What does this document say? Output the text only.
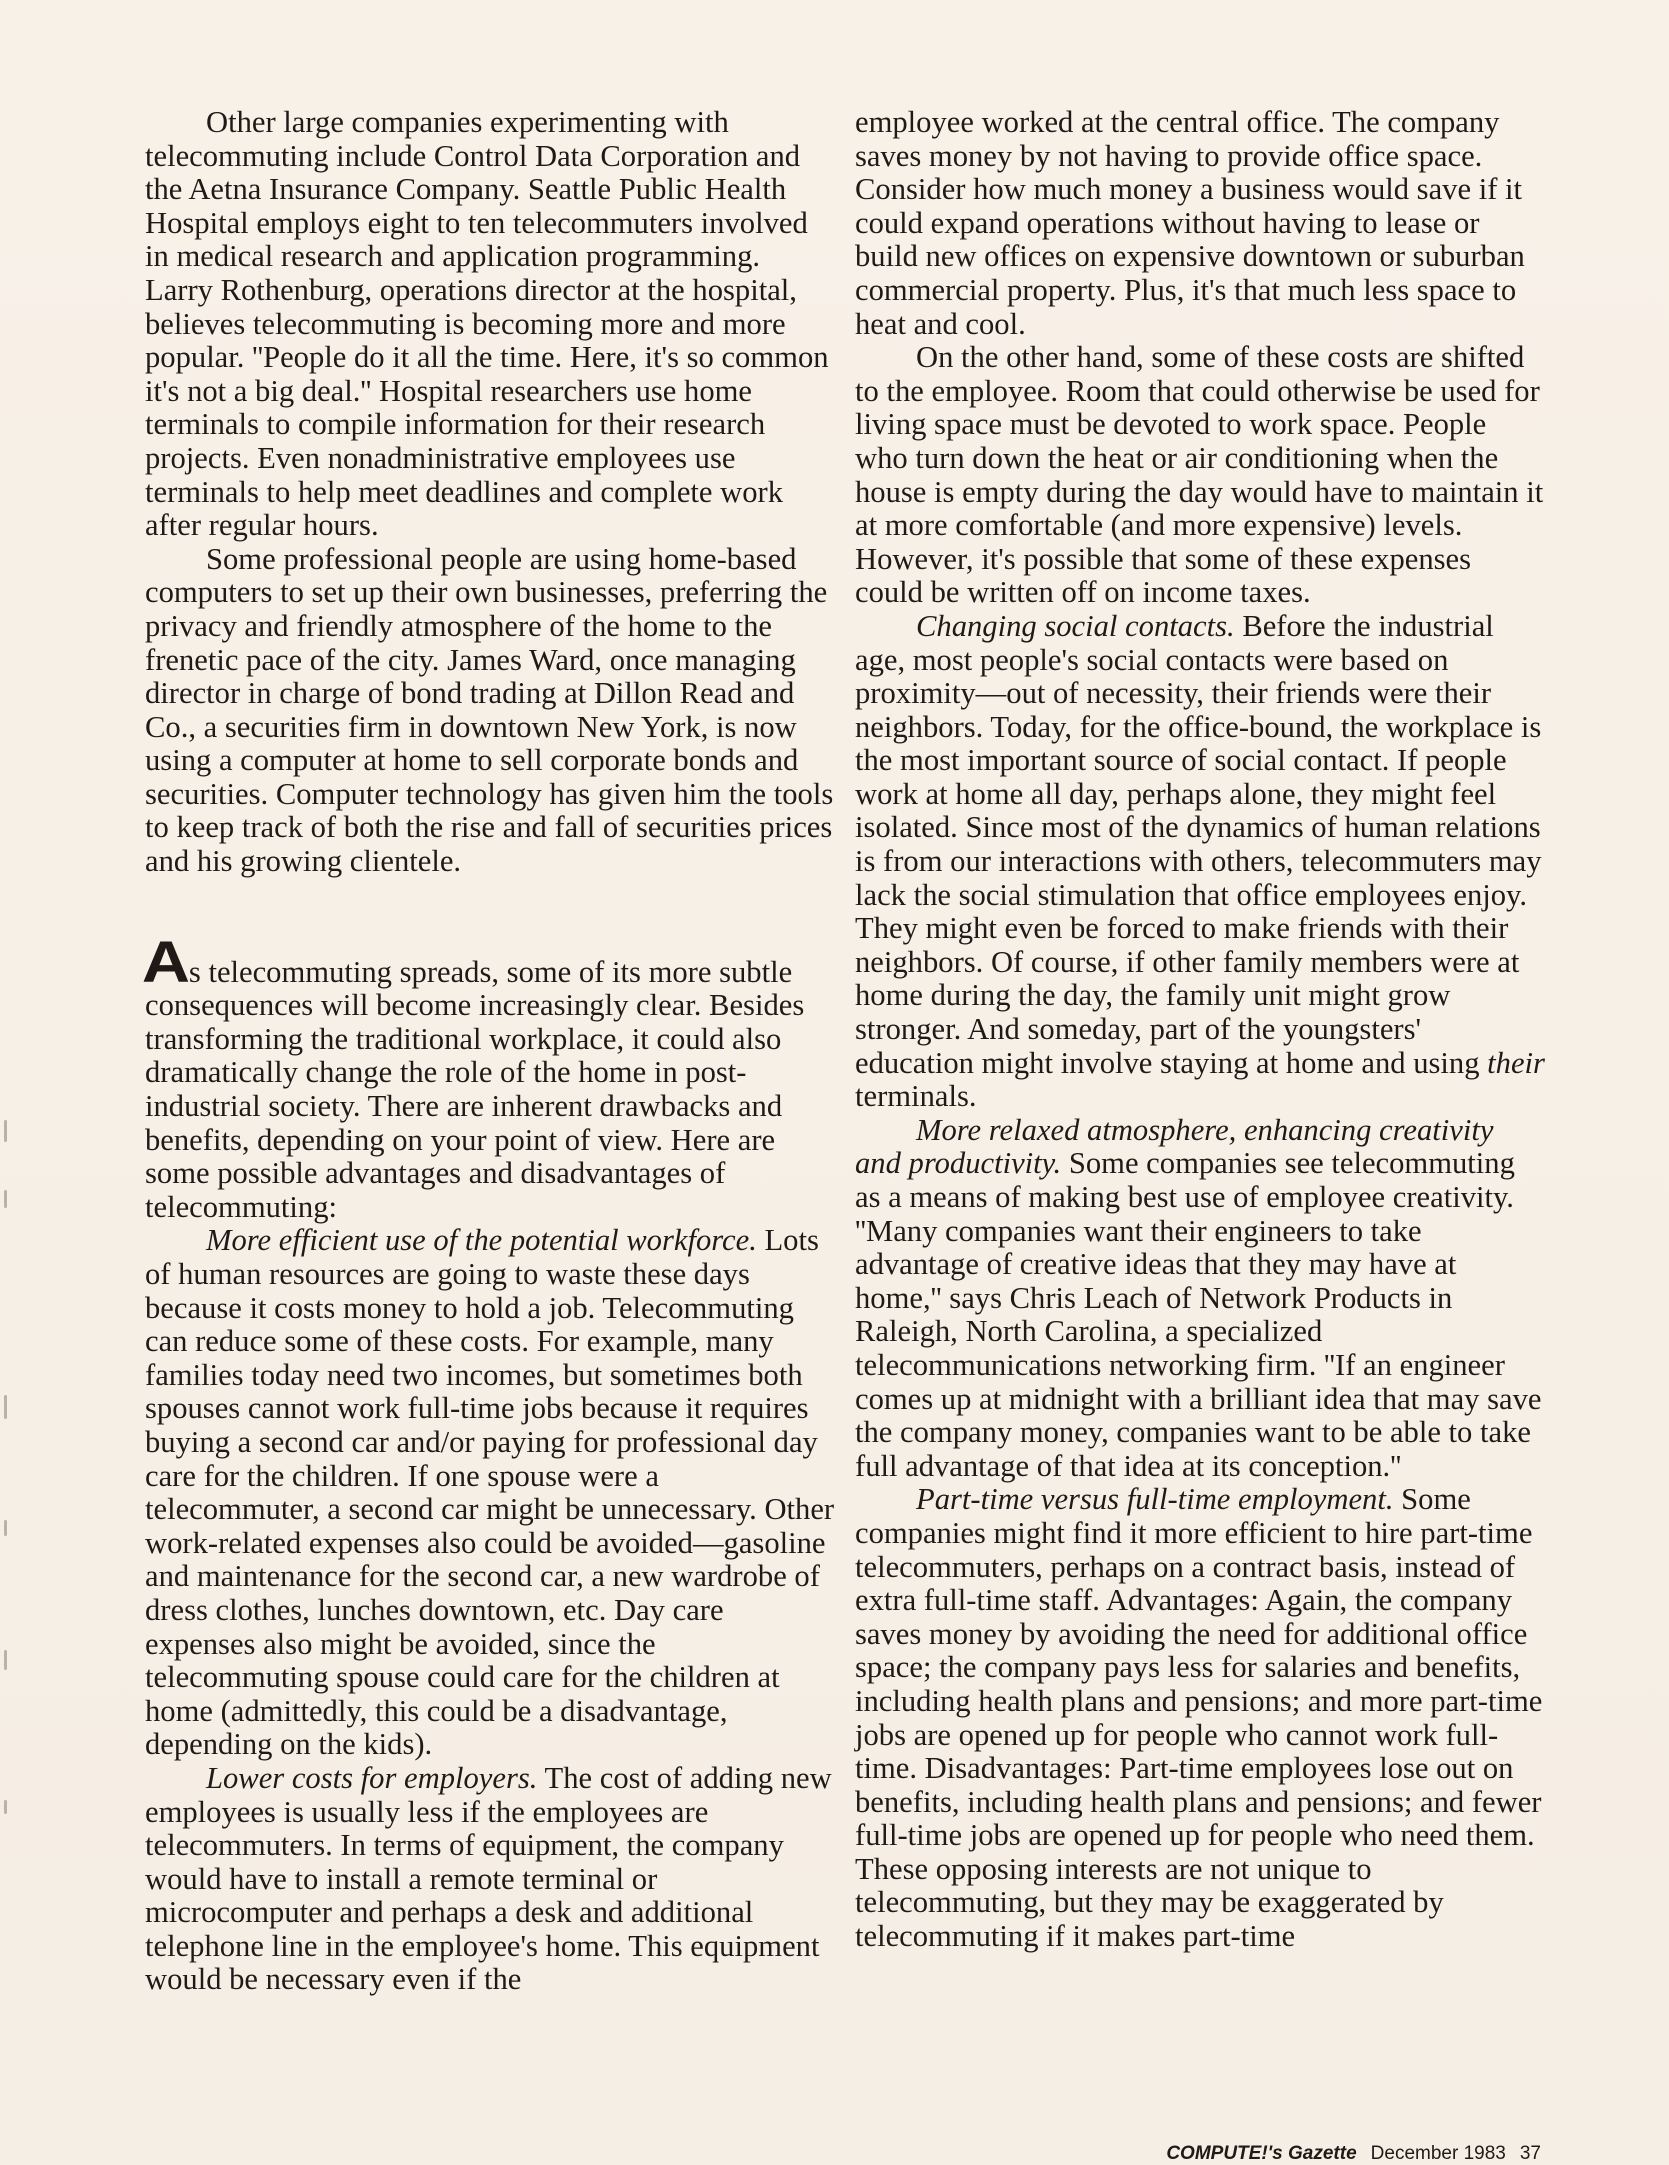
Other large companies experimenting with telecommuting include Control Data Corporation and the Aetna Insurance Company. Seattle Public Health Hospital employs eight to ten telecommuters involved in medical research and application programming. Larry Rothenburg, operations director at the hospital, believes telecommuting is becoming more and more popular. ''People do it all the time. Here, it's so common it's not a big deal.'' Hospital researchers use home terminals to compile information for their research projects. Even nonadministrative employees use terminals to help meet deadlines and complete work after regular hours.

Some professional people are using home-based computers to set up their own businesses, preferring the privacy and friendly atmosphere of the home to the frenetic pace of the city. James Ward, once managing director in charge of bond trading at Dillon Read and Co., a securities firm in downtown New York, is now using a computer at home to sell corporate bonds and securities. Computer technology has given him the tools to keep track of both the rise and fall of securities prices and his growing clientele.

As telecommuting spreads, some of its more subtle consequences will become increasingly clear. Besides transforming the traditional workplace, it could also dramatically change the role of the home in post-industrial society. There are inherent drawbacks and benefits, depending on your point of view. Here are some possible advantages and disadvantages of telecommuting:

More efficient use of the potential workforce. Lots of human resources are going to waste these days because it costs money to hold a job. Telecommuting can reduce some of these costs. For example, many families today need two incomes, but sometimes both spouses cannot work full-time jobs because it requires buying a second car and/or paying for professional day care for the children. If one spouse were a telecommuter, a second car might be unnecessary. Other work-related expenses also could be avoided—gasoline and maintenance for the second car, a new wardrobe of dress clothes, lunches downtown, etc. Day care expenses also might be avoided, since the telecommuting spouse could care for the children at home (admittedly, this could be a disadvantage, depending on the kids).

Lower costs for employers. The cost of adding new employees is usually less if the employees are telecommuters. In terms of equipment, the company would have to install a remote terminal or microcomputer and perhaps a desk and additional telephone line in the employee's home. This equipment would be necessary even if the

employee worked at the central office. The company saves money by not having to provide office space. Consider how much money a business would save if it could expand operations without having to lease or build new offices on expensive downtown or suburban commercial property. Plus, it's that much less space to heat and cool.

On the other hand, some of these costs are shifted to the employee. Room that could otherwise be used for living space must be devoted to work space. People who turn down the heat or air conditioning when the house is empty during the day would have to maintain it at more comfortable (and more expensive) levels. However, it's possible that some of these expenses could be written off on income taxes.

Changing social contacts. Before the industrial age, most people's social contacts were based on proximity—out of necessity, their friends were their neighbors. Today, for the office-bound, the workplace is the most important source of social contact. If people work at home all day, perhaps alone, they might feel isolated. Since most of the dynamics of human relations is from our interactions with others, telecommuters may lack the social stimulation that office employees enjoy. They might even be forced to make friends with their neighbors. Of course, if other family members were at home during the day, the family unit might grow stronger. And someday, part of the youngsters' education might involve staying at home and using their terminals.

More relaxed atmosphere, enhancing creativity and productivity. Some companies see telecommuting as a means of making best use of employee creativity. ''Many companies want their engineers to take advantage of creative ideas that they may have at home,'' says Chris Leach of Network Products in Raleigh, North Carolina, a specialized telecommunications networking firm. ''If an engineer comes up at midnight with a brilliant idea that may save the company money, companies want to be able to take full advantage of that idea at its conception.''

Part-time versus full-time employment. Some companies might find it more efficient to hire part-time telecommuters, perhaps on a contract basis, instead of extra full-time staff. Advantages: Again, the company saves money by avoiding the need for additional office space; the company pays less for salaries and benefits, including health plans and pensions; and more part-time jobs are opened up for people who cannot work full-time. Disadvantages: Part-time employees lose out on benefits, including health plans and pensions; and fewer full-time jobs are opened up for people who need them. These opposing interests are not unique to telecommuting, but they may be exaggerated by telecommuting if it makes part-time

COMPUTE!'s Gazette December 1983 37
